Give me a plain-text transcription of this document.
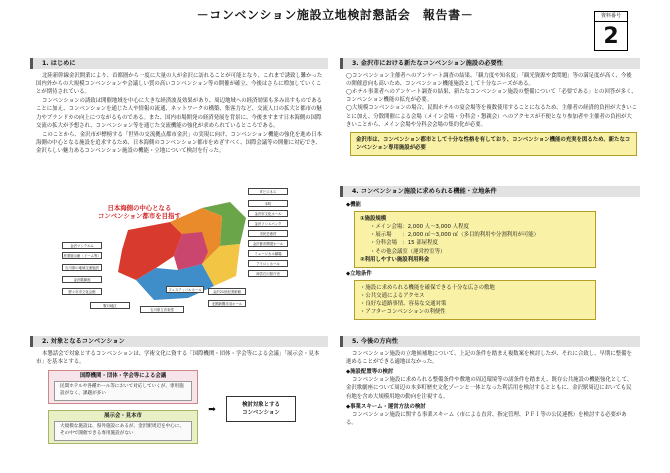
－コンベンション施設立地検討懇話会　報告書－	資料番号
2
1. はじめに

北陸新幹線金沢開業により、首都圏から一度に大量の人が金沢に訪れることが可能となり、これまで誘致し難かった国内外からの大規模コンベンションや会議しい質の高いコンベンション等の開催が確立、今後はさらに増加していくことが期待されている。

コンベンションの誘致は開催地域を中心に大きな経済波及効果があり、周辺地域への経済効果も多み出すものであることに加え、コンベンションを通じた人や情報の流通、ネットワークの構築、集客力など、交流人口の拡大と都市の魅力やブランドカの向上につながるものである。また、国内市場開発の経済発展を背景に、今後ますます日本海側の国際交流の拡大が予想され、コンベンション等を通じた交流機能の強化が求められているところである。

このことから、金沢市が標榜する「世界の交流拠点都市金沢」の実現に向け、コンベンション機能の強化を進め日本海側の中心となる施設を追求するため、日本海側のコンベンション都市をめざすべく、国際会議等の開催に対応でき、金沢らしい魅力あるコンベンション施設の機能・立地について検討を行った。

日本海側の中心となる
コンベンション都市を目指す
金沢マンテルム
産業展示館（ドーム等）
石川県の地域交流施設
金沢歌劇座
野々市市文化会館
鞍月地区
石川県立音楽堂
ITビジネス
本町
金沢市文化ホール
金沢ソシエパック
市民芸術村
金沢都市開発ホール
ミュージカル劇場
アイロンホール
神宮石川県庁舎
金沢21世紀美術館
フェスティバルホール
北國新聞赤羽ホール
2. 対象となるコンベンション

本懇話会で対象とするコンベンションは、学術文化に資する「国際機関・団体・学会等による会議」「展示会・見本市」を基本とする。

国際機関・団体・学会等による会議
民間ホテルや各種ホール等において対応していくが、専用施設がなく、課題が多い
展示会・見本市
大規模な施設は、県外施設にあるが、金沢駅周辺を中心に、その中で開催できる専用施設がない
➡	検討対象とする
コンベンション
3. 金沢市における新たなコンベンション施設の必要性

◯コンベンション主催者へのアンケート調査の結果、「観力度や知名度」「観光資源や食問題」等の満足度が高く、今後の開催意向も高いため、コンベンション機能施設として十分なニーズがある。

◯ホテル事業者へのアンケート調査の結果、新たなコンベンション施設の整備について「必要である」との回答が多く、コンベンション機能の拡充が必要。

◯大規模コンベンションの場合、民間ホテルの宴会場等を複数使用することになるため、主催者の経済的負担が大きいことに加え、分散開催による会場（メイン会場・分科会・懇親会）へのアクセスが不便となり参加者や主催者の負担が大きいことから、メイン会場や分科会会場の集約化が必要。

金沢市は、コンベンション都市として十分な性格を有しており、コンベンション機能の充実を図るため、新たなコンベンション専用施設が必要
4. コンベンション施設に求められる機能・立地条件
◆機能
①施設規模
・メイン会場：2,000 人～3,000 人程度
・展示場　　：2,000 ㎡～3,000 ㎡（多目的利用や分割利用が可能）
・分科会場　：15 部屋程度
・その他会議室（運営控室等）
②利用しやすい施設利用料金
◆立地条件
・施設に求められる機能を確保できる十分な広さの敷地
・公共交通によるアクセス
・良好な道路事情、容易な交通対策
・アフターコンベンションの利便性
5. 今後の方向性

コンベンション施設の立地候補地について、上記の条件を踏まえ複数案を検討したが、それに合致し、早期に整備を進めることができる適地はなかった。

◆施設配置等の検討

コンベンション施設に求められる整備条件や敷地の周辺環境等の諸条件を踏まえ、既存公共施設の機能強化として、金沢歌劇座について周辺の本多町歴史文化ゾーンと一体となった利活用を検討するとともに、金沢駅周辺においても民有地を含め大規模用地の動向を注視する。

◆事業スキーム・運営方法の検討

コンベンション施設に関する事業スキーム（市による直営、指定管理、ＰＦＩ等の公民連携）を検討する必要がある。
